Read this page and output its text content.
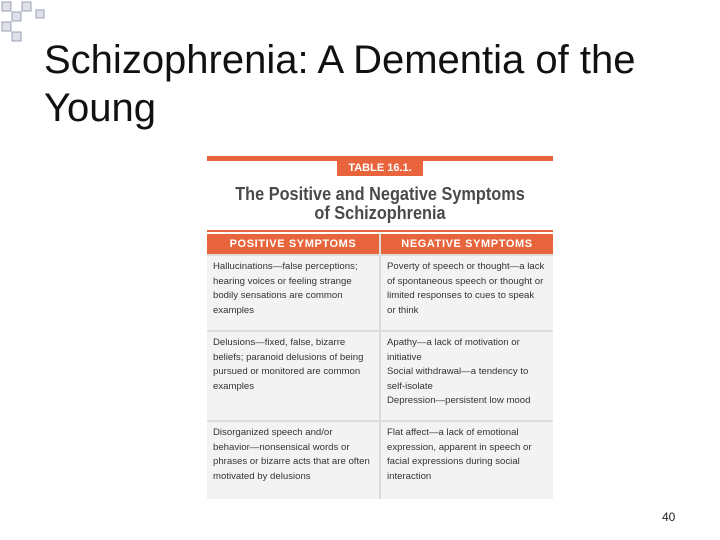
Schizophrenia: A Dementia of the Young
TABLE 16.1.
The Positive and Negative Symptoms
of Schizophrenia
POSITIVE SYMPTOMS	NEGATIVE SYMPTOMS
Hallucinations—false perceptions;
hearing voices or feeling strange
bodily sensations are common
examples
Poverty of speech or thought—a lack
of spontaneous speech or thought or
limited responses to cues to speak
or think
Delusions—fixed, false, bizarre
beliefs; paranoid delusions of being
pursued or monitored are common
examples
Apathy—a lack of motivation or
initiative
Social withdrawal—a tendency to
self-isolate
Depression—persistent low mood
Disorganized speech and/or
behavior—nonsensical words or
phrases or bizarre acts that are often
motivated by delusions
Flat affect—a lack of emotional
expression, apparent in speech or
facial expressions during social
interaction
40
